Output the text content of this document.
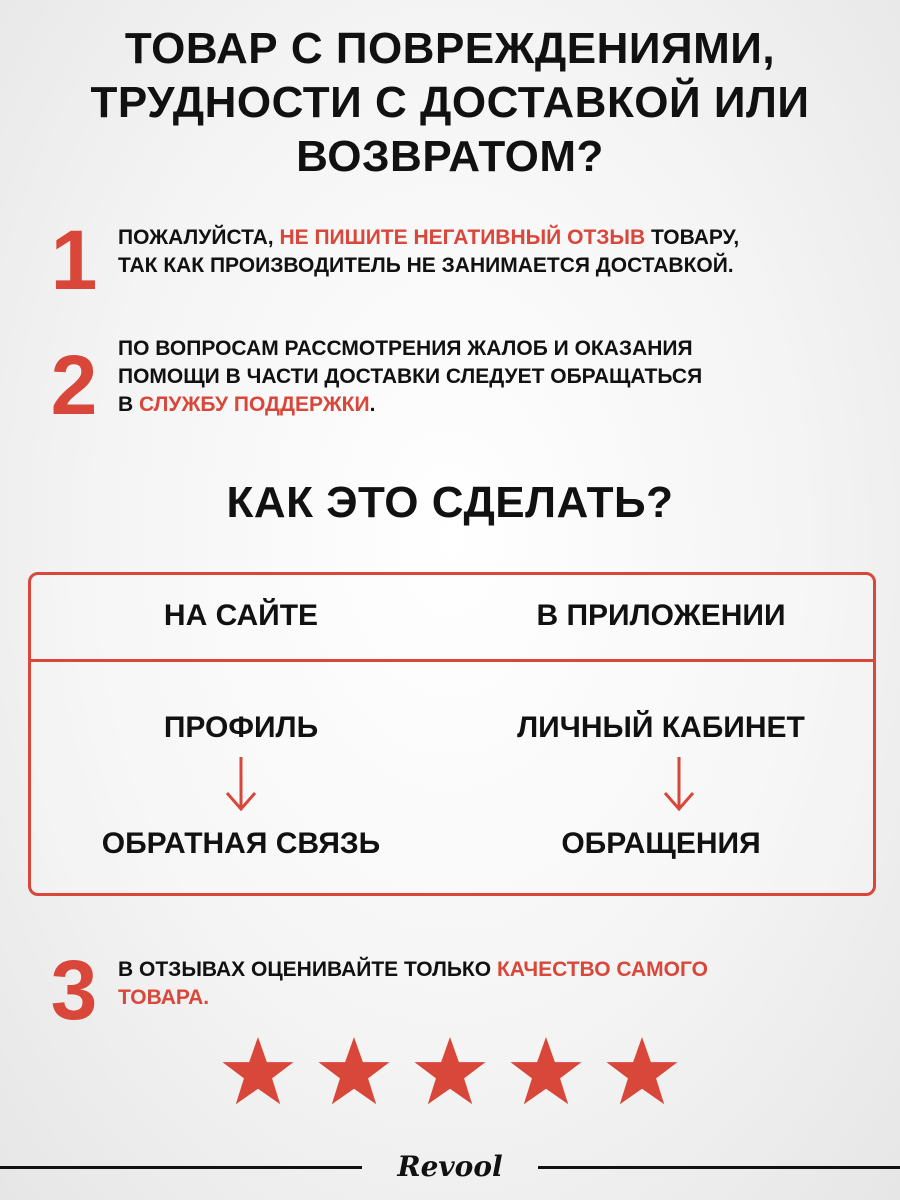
ТОВАР С ПОВРЕЖДЕНИЯМИ,
ТРУДНОСТИ С ДОСТАВКОЙ ИЛИ
ВОЗВРАТОМ?
1 ПОЖАЛУЙСТА, НЕ ПИШИТЕ НЕГАТИВНЫЙ ОТЗЫВ ТОВАРУ,
ТАК КАК ПРОИЗВОДИТЕЛЬ НЕ ЗАНИМАЕТСЯ ДОСТАВКОЙ.
2 ПО ВОПРОСАМ РАССМОТРЕНИЯ ЖАЛОБ И ОКАЗАНИЯ
ПОМОЩИ В ЧАСТИ ДОСТАВКИ СЛЕДУЕТ ОБРАЩАТЬСЯ
В СЛУЖБУ ПОДДЕРЖКИ.
КАК ЭТО СДЕЛАТЬ?
НА САЙТЕ	В ПРИЛОЖЕНИИ
ПРОФИЛЬ
ОБРАТНАЯ СВЯЗЬ
ЛИЧНЫЙ КАБИНЕТ
ОБРАЩЕНИЯ
3 В ОТЗЫВАХ ОЦЕНИВАЙТЕ ТОЛЬКО КАЧЕСТВО САМОГО
ТОВАРА.
Revool
